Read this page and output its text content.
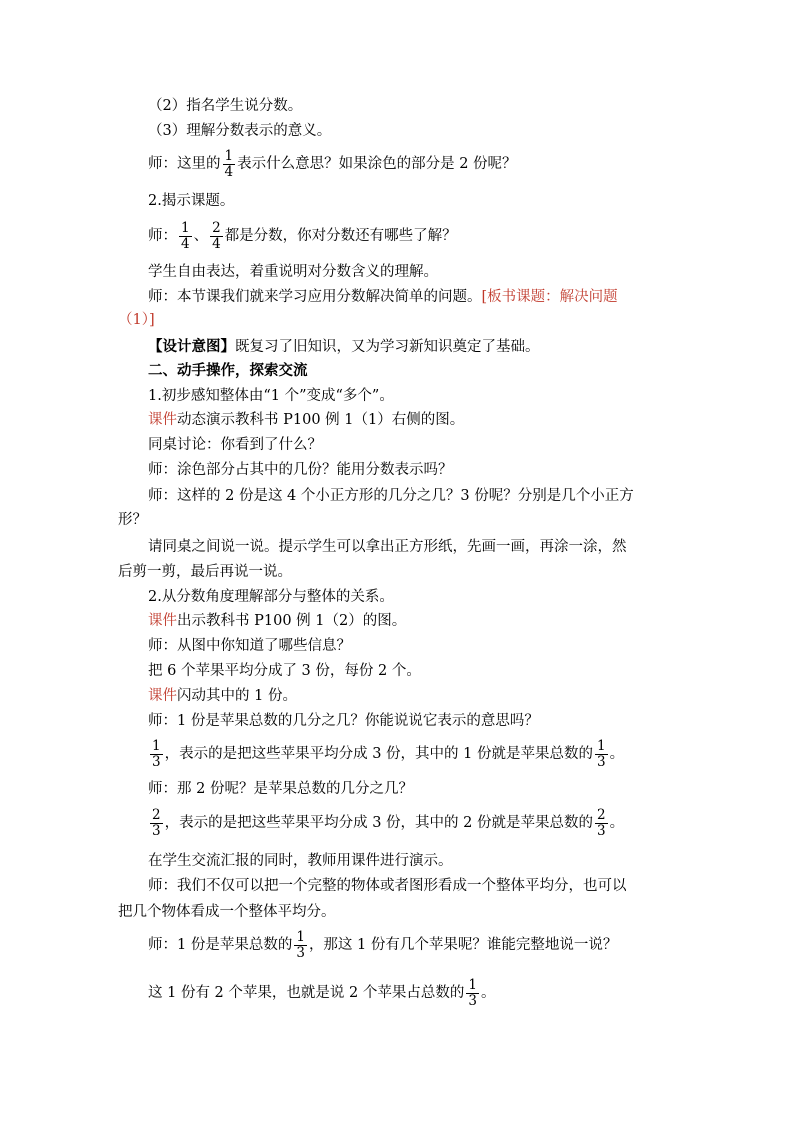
（2）指名学生说分数。
（3）理解分数表示的意义。
师：这里的 $\frac{1}{4}$ 表示什么意思？如果涂色的部分是 2 份呢？
2.揭示课题。
师： $\frac{1}{4}$ 、 $\frac{2}{4}$ 都是分数，你对分数还有哪些了解？
学生自由表达，着重说明对分数含义的理解。
师：本节课我们就来学习应用分数解决简单的问题。[板书课题：解决问题
（1）]
【设计意图】既复习了旧知识，又为学习新知识奠定了基础。
二、动手操作，探索交流
1.初步感知整体由“1 个”变成“多个”。
课件动态演示教科书 P100 例 1（1）右侧的图。
同桌讨论：你看到了什么？
师：涂色部分占其中的几份？能用分数表示吗？
师：这样的 2 份是这 4 个小正方形的几分之几？3 份呢？分别是几个小正方
形？
请同桌之间说一说。提示学生可以拿出正方形纸，先画一画，再涂一涂，然
后剪一剪，最后再说一说。
2.从分数角度理解部分与整体的关系。
课件出示教科书 P100 例 1（2）的图。
师：从图中你知道了哪些信息？
把 6 个苹果平均分成了 3 份，每份 2 个。
课件闪动其中的 1 份。
师：1 份是苹果总数的几分之几？你能说说它表示的意思吗？
$\frac{1}{3}$ ，表示的是把这些苹果平均分成 3 份，其中的 1 份就是苹果总数的 $\frac{1}{3}$ 。
师：那 2 份呢？是苹果总数的几分之几？
$\frac{2}{3}$ ，表示的是把这些苹果平均分成 3 份，其中的 2 份就是苹果总数的 $\frac{2}{3}$ 。
在学生交流汇报的同时，教师用课件进行演示。
师：我们不仅可以把一个完整的物体或者图形看成一个整体平均分，也可以
把几个物体看成一个整体平均分。
师：1 份是苹果总数的 $\frac{1}{3}$ ，那这 1 份有几个苹果呢？谁能完整地说一说？
这 1 份有 2 个苹果，也就是说 2 个苹果占总数的 $\frac{1}{3}$ 。
